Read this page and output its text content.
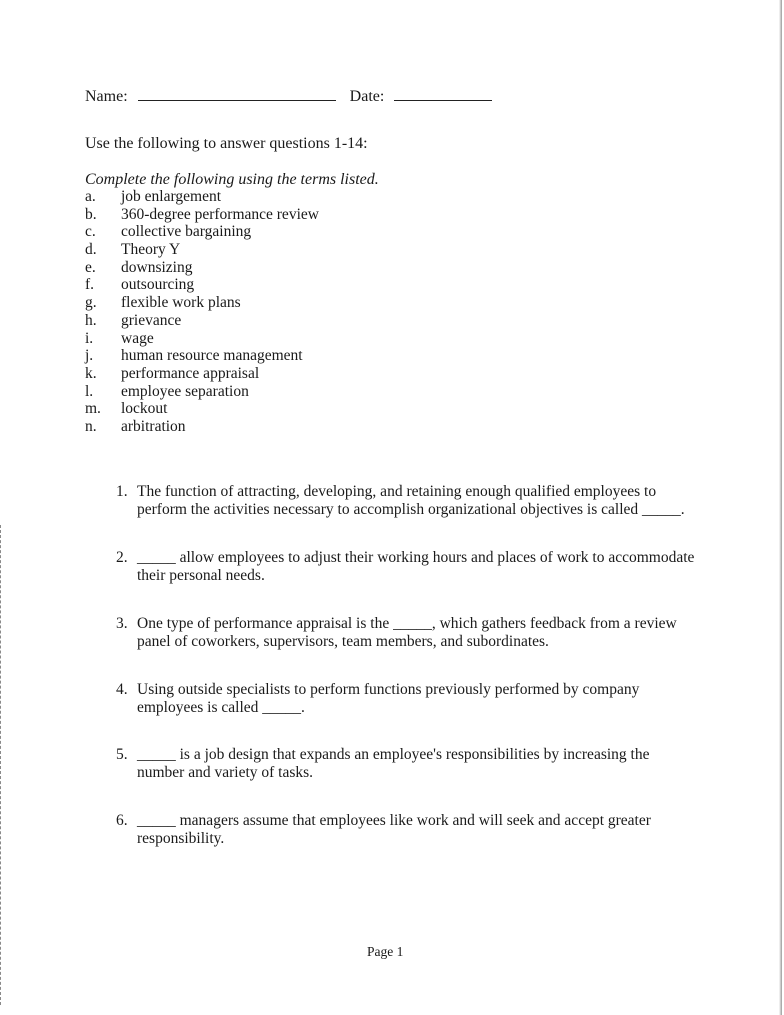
Name:	Date:
Use the following to answer questions 1-14:
Complete the following using the terms listed.
a. job enlargement
b. 360-degree performance review
c. collective bargaining
d. Theory Y
e. downsizing
f. outsourcing
g. flexible work plans
h. grievance
i. wage
j. human resource management
k. performance appraisal
l. employee separation
m. lockout
n. arbitration
1. The function of attracting, developing, and retaining enough qualified employees to perform the activities necessary to accomplish organizational objectives is called _____.
2. _____ allow employees to adjust their working hours and places of work to accommodate their personal needs.
3. One type of performance appraisal is the _____, which gathers feedback from a review panel of coworkers, supervisors, team members, and subordinates.
4. Using outside specialists to perform functions previously performed by company employees is called _____.
5. _____ is a job design that expands an employee's responsibilities by increasing the number and variety of tasks.
6. _____ managers assume that employees like work and will seek and accept greater responsibility.
Page 1
